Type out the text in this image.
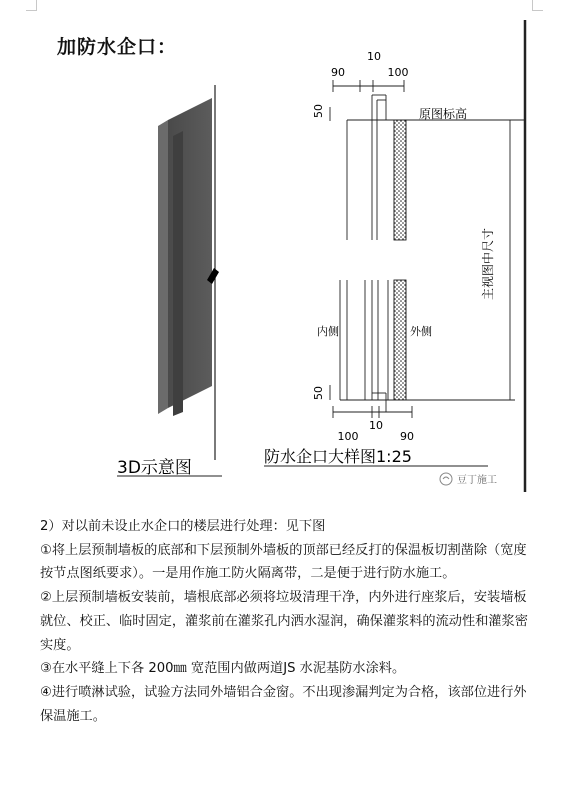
加防水企口：
3D示意图
90
10
100
50	原图标高
主视图中尺寸
内侧	外侧
50
100
10
90
防水企口大样图1:25
豆丁施工

2）对以前未设止水企口的楼层进行处理：见下图

①将上层预制墙板的底部和下层预制外墙板的顶部已经反打的保温板切割凿除（宽度按节点图纸要求）。一是用作施工防火隔离带，二是便于进行防水施工。

②上层预制墙板安装前，墙根底部必须将垃圾清理干净，内外进行座浆后，安装墙板就位、校正、临时固定，灌浆前在灌浆孔内洒水湿润，确保灌浆料的流动性和灌浆密实度。

③在水平缝上下各 200㎜ 宽范围内做两道JS 水泥基防水涂料。

④进行喷淋试验，试验方法同外墙铝合金窗。不出现渗漏判定为合格，该部位进行外保温施工。
